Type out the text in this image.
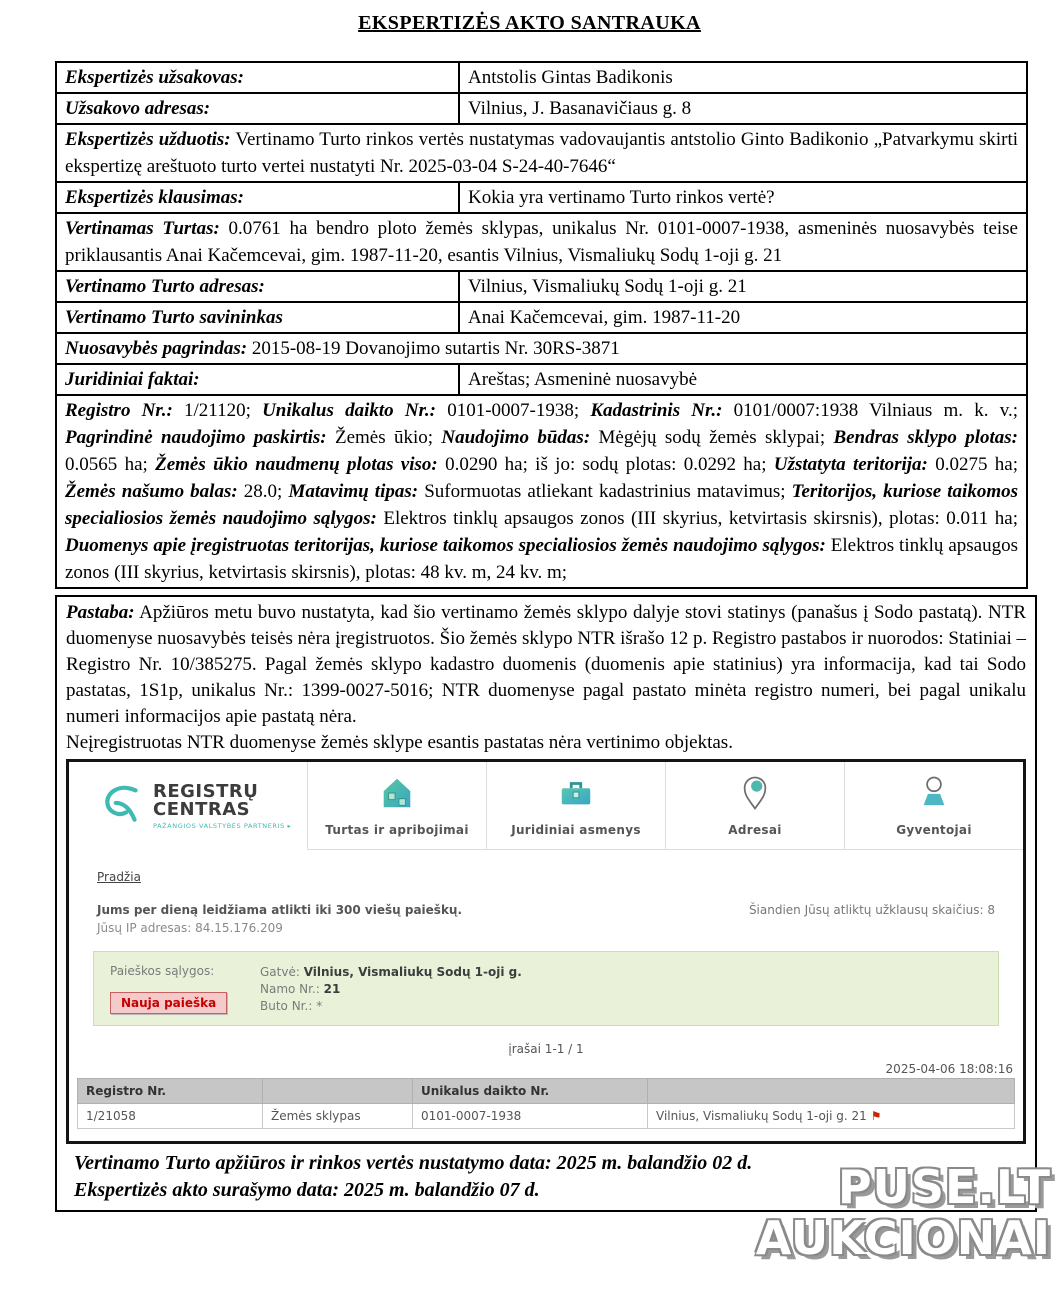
EKSPERTIZĖS AKTO SANTRAUKA
Ekspertizės užsakovas:	Antstolis Gintas Badikonis
Užsakovo adresas:	Vilnius, J. Basanavičiaus g. 8
Ekspertizės užduotis: Vertinamo Turto rinkos vertės nustatymas vadovaujantis antstolio Ginto Badikonio „Patvarkymu skirti ekspertizę areštuoto turto vertei nustatyti Nr. 2025-03-04 S-24-40-7646“	
Ekspertizės klausimas:	Kokia yra vertinamo Turto rinkos vertė?
Vertinamas Turtas: 0.0761 ha bendro ploto žemės sklypas, unikalus Nr. 0101-0007-1938, asmeninės nuosavybės teise priklausantis Anai Kačemcevai, gim. 1987-11-20, esantis Vilnius, Vismaliukų Sodų 1-oji g. 21	
Vertinamo Turto adresas:	Vilnius, Vismaliukų Sodų 1-oji g. 21
Vertinamo Turto savininkas	Anai Kačemcevai, gim. 1987-11-20
Nuosavybės pagrindas: 2015-08-19 Dovanojimo sutartis Nr. 30RS-3871	
Juridiniai faktai:	Areštas; Asmeninė nuosavybė
Registro Nr.: 1/21120; Unikalus daikto Nr.: 0101-0007-1938; Kadastrinis Nr.: 0101/0007:1938 Vilniaus m. k. v.; Pagrindinė naudojimo paskirtis: Žemės ūkio; Naudojimo būdas: Mėgėjų sodų žemės sklypai; Bendras sklypo plotas: 0.0565 ha; Žemės ūkio naudmenų plotas viso: 0.0290 ha; iš jo: sodų plotas: 0.0292 ha; Užstatyta teritorija: 0.0275 ha; Žemės našumo balas: 28.0; Matavimų tipas: Suformuotas atliekant kadastrinius matavimus; Teritorijos, kuriose taikomos specialiosios žemės naudojimo sąlygos: Elektros tinklų apsaugos zonos (III skyrius, ketvirtasis skirsnis), plotas: 0.011 ha; Duomenys apie įregistruotas teritorijas, kuriose taikomos specialiosios žemės naudojimo sąlygos: Elektros tinklų apsaugos zonos (III skyrius, ketvirtasis skirsnis), plotas: 48 kv. m, 24 kv. m;	
Pastaba: Apžiūros metu buvo nustatyta, kad šio vertinamo žemės sklypo dalyje stovi statinys (panašus į Sodo pastatą). NTR duomenyse nuosavybės teisės nėra įregistruotos. Šio žemės sklypo NTR išrašo 12 p. Registro pastabos ir nuorodos: Statiniai – Registro Nr. 10/385275. Pagal žemės sklypo kadastro duomenis (duomenis apie statinius) yra informacija, kad tai Sodo pastatas, 1S1p, unikalus Nr.: 1399-0027-5016; NTR duomenyse pagal pastato minėta registro numeri, bei pagal unikalu numeri informacijos apie pastatą nėra.
Neįregistruotas NTR duomenyse žemės sklype esantis pastatas nėra vertinimo objektas.
REGISTRŲ
CENTRAS
PAŽANGIOS VALSTYBĖS PARTNERIS ▸	Turtas ir apribojimai	Juridiniai asmenys	Adresai	Gyventojai
Pradžia
Jums per dieną leidžiama atlikti iki 300 viešų paieškų.
Jūsų IP adresas: 84.15.176.209
Šiandien Jūsų atliktų užklausų skaičius: 8
Paieškos sąlygos:
Nauja paieška
Gatvė: Vilnius, Vismaliukų Sodų 1-oji g.
Namo Nr.: 21
Buto Nr.: *
įrašai 1-1 / 1
2025-04-06 18:08:16
Registro Nr.		Unikalus daikto Nr.	
1/21058	Žemės sklypas	0101-0007-1938	Vilnius, Vismaliukų Sodų 1-oji g. 21 ⚑
Vertinamo Turto apžiūros ir rinkos vertės nustatymo data: 2025 m. balandžio 02 d.
Ekspertizės akto surašymo data: 2025 m. balandžio 07 d.	PUSE.LT
AUKCIONAI
